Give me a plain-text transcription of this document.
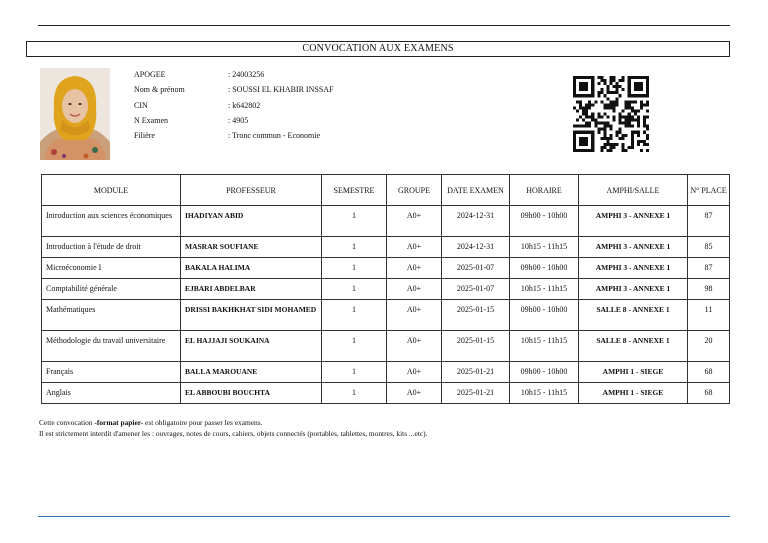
CONVOCATION AUX EXAMENS
APOGEE	: 24003256
Nom & prénom	: SOUSSI EL KHABIR INSSAF
CIN	: k642802
N Examen	: 4905
Filière	: Tronc commun - Economie
MODULE	PROFESSEUR	SEMESTRE	GROUPE	DATE EXAMEN	HORAIRE	AMPHI/SALLE	N° PLACE
Introduction aux sciences économiques	IHADIYAN ABID	1	A0+	2024-12-31	09h00 - 10h00	AMPHI 3 - ANNEXE 1	87
Introduction à l'étude de droit	MASRAR SOUFIANE	1	A0+	2024-12-31	10h15 - 11h15	AMPHI 3 - ANNEXE 1	85
Microéconomie I	BAKALA HALIMA	1	A0+	2025-01-07	09h00 - 10h00	AMPHI 3 - ANNEXE 1	87
Comptabilité générale	EJBARI ABDELBAR	1	A0+	2025-01-07	10h15 - 11h15	AMPHI 3 - ANNEXE 1	98
Mathématiques	DRISSI BAKHKHAT SIDI MOHAMED	1	A0+	2025-01-15	09h00 - 10h00	SALLE 8 - ANNEXE 1	11
Méthodologie du travail universitaire	EL HAJJAJI SOUKAINA	1	A0+	2025-01-15	10h15 - 11h15	SALLE 8 - ANNEXE 1	20
Français	BALLA MAROUANE	1	A0+	2025-01-21	09h00 - 10h00	AMPHI 1 - SIEGE	68
Anglais	EL ABBOUBI BOUCHTA	1	A0+	2025-01-21	10h15 - 11h15	AMPHI 1 - SIEGE	68
Cette convocation -format papier- est obligatoire pour passer les examens.
Il est strictement interdit d'amener les : ouvrages, notes de cours, cahiers, objets connectés (portables, tablettes, montres, kits ...etc).
